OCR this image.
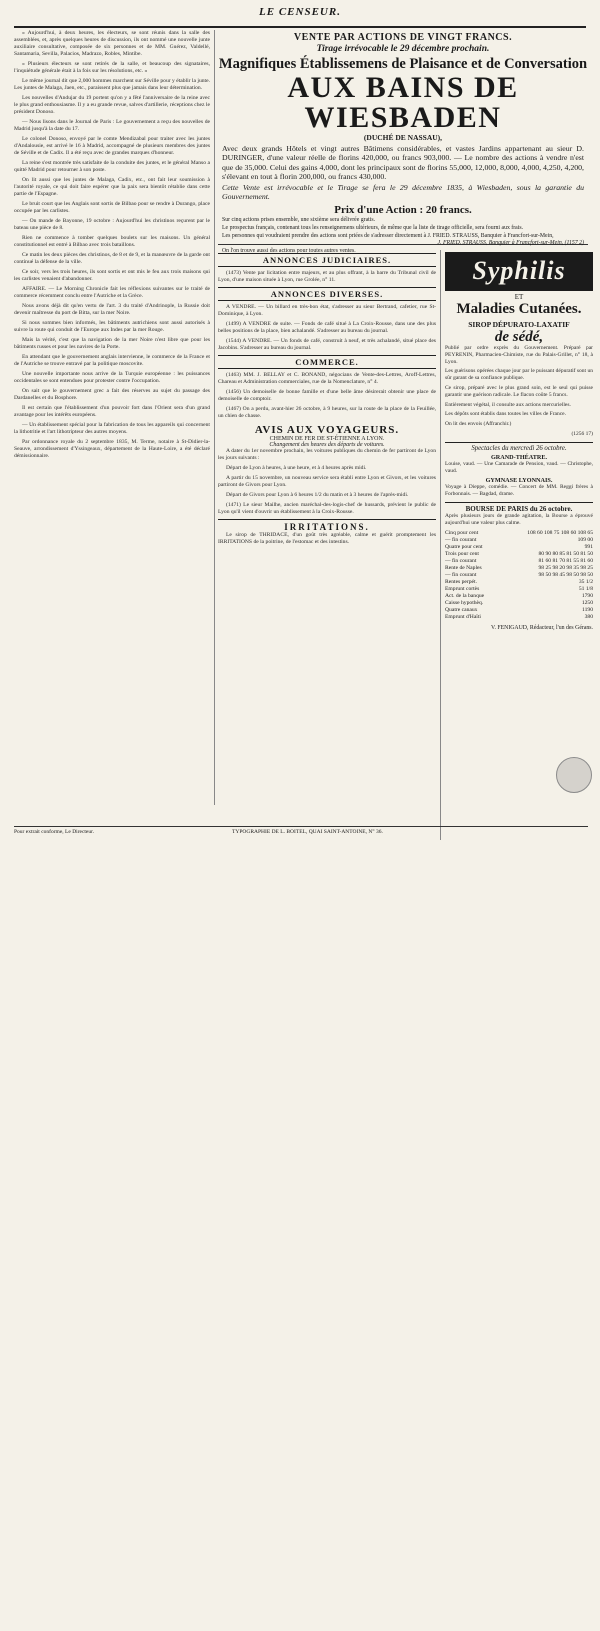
LE CENSEUR.

« Aujourd'hui, à deux heures, les électeurs, se sont réunis dans la salle des assemblées, et, après quelques heures de discussion, ils ont nommé une nouvelle junte auxiliaire consultative, composée de six personnes et de MM. Guérez, Valdellé, Santamaria, Sevilla, Palacios, Madrazo, Robles, Mintibe.

« Plusieurs électeurs se sont retirés de la salle, et beaucoup des signataires, l'inquiétude générale était à la fois sur les résolutions, etc. »

Le même journal dit que 2,000 hommes marchent sur Séville pour y établir la junte. Les juntes de Malaga, Jaen, etc., paraissent plus que jamais dans leur détermination.

Les nouvelles d'Andujar du 19 portent qu'on y a fêté l'anniversaire de la reine avec le plus grand enthousiasme. Il y a eu grande revue, salves d'artillerie, réceptions chez le président Donoso.

— Nous lisons dans le Journal de Paris : Le gouvernement a reçu des nouvelles de Madrid jusqu'à la date du 17.

Le colonel Donoso, envoyé par le comte Mendizabal pour traiter avec les juntes d'Andalousie, est arrivé le 16 à Madrid, accompagné de plusieurs membres des juntes de Séville et de Cadix. Il a été reçu avec de grandes marques d'honneur.

La reine s'est montrée très satisfaite de la conduite des juntes, et le général Manso a quitté Madrid pour retourner à son poste.

On lit aussi que les juntes de Malaga, Cadix, etc., ont fait leur soumission à l'autorité royale, ce qui doit faire espérer que la paix sera bientôt rétablie dans cette partie de l'Espagne.

Le bruit court que les Anglais sont sortis de Bilbao pour se rendre à Durango, place occupée par les carlistes.

— On mande de Bayonne, 19 octobre : Aujourd'hui les christinos reçurent par le bateau une pièce de 8.

Rien ne commence à tomber quelques boulets sur les maisons. Un général constitutionnel est entré à Bilbao avec trois bataillons.

Ce matin les deux pièces des christinos, de 8 et de 9, et la manœuvre de la garde ont continué la défense de la ville.

Ce soir, vers les trois heures, ils sont sortis et ont mis le feu aux trois maisons qui les carlistes venaient d'abandonner.

AFFAIRE. — Le Morning Chronicle fait les réflexions suivantes sur le traité de commerce récemment conclu entre l'Autriche et la Grèce.

Nous avons déjà dit qu'en vertu de l'art. 3 du traité d'Andrinople, la Russie doit devenir maîtresse du port de Bitta, sur la mer Noire.

Si nous sommes bien informés, les bâtiments autrichiens sont aussi autorisés à suivre la route qui conduit de l'Europe aux Indes par la mer Rouge.

Mais la vérité, c'est que la navigation de la mer Noire n'est libre que pour les bâtiments russes et pour les navires de la Porte.

En attendant que le gouvernement anglais intervienne, le commerce de la France et de l'Autriche se trouve entravé par la politique moscovite.

Une nouvelle importante nous arrive de la Turquie européenne : les puissances occidentales se sont entendues pour protester contre l'occupation.

On sait que le gouvernement grec a fait des réserves au sujet du passage des Dardanelles et du Bosphore.

Il est certain que l'établissement d'un pouvoir fort dans l'Orient sera d'un grand avantage pour les intérêts européens.

— Un établissement spécial pour la fabrication de tous les appareils qui concernent la lithotritie et l'art lithotripteur des autres moyens.

Par ordonnance royale du 2 septembre 1835, M. Terme, notaire à St-Didier-la-Seauve, arrondissement d'Yssingeaux, département de la Haute-Loire, a été déclaré démissionnaire.

VENTE PAR ACTIONS DE VINGT FRANCS.
Tirage irrévocable le 29 décembre prochain.
Magnifiques Établissemens de Plaisance et de Conversation
AUX BAINS DE WIESBADEN
(DUCHÉ DE NASSAU),
Avec deux grands Hôtels et vingt autres Bâtimens considérables, et vastes Jardins appartenant au sieur D. DURINGER, d'une valeur réelle de florins 420,000, ou francs 903,000. — Le nombre des actions à vendre n'est que de 35,000. Celui des gains 4,000, dont les principaux sont de florins 55,000, 12,000, 8,000, 4,000, 4,250, 4,200, s'élevant en tout à florin 200,000, ou francs 430,000.
Cette Vente est irrévocable et le Tirage se fera le 29 décembre 1835, à Wiesbaden, sous la garantie du Gouvernement.
Prix d'une Action : 20 francs.
Sur cinq actions prises ensemble, une sixième sera délivrée gratis.
Le prospectus français, contenant tous les renseignemens ultérieurs, de même que la liste de tirage officielle, sera fourni aux frais.
Les personnes qui voudraient prendre des actions sont priées de s'adresser directement à J. FRIED. STRAUSS, Banquier à Francfort-sur-Mein,
J. FRIED. STRAUSS, Banquier à Francfort-sur-Mein, (1157 2)
On l'on trouve aussi des actions pour toutes autres ventes.
ANNONCES JUDICIAIRES.

(1473) Vente par licitation entre majeurs, et au plus offrant, à la barre du Tribunal civil de Lyon, d'une maison située à Lyon, rue Grolée, n° 11.

ANNONCES DIVERSES.

A VENDRE. — Un billard en très-bon état, s'adresser au sieur Bertrand, cafetier, rue St-Dominique, à Lyon.

(1499) A VENDRE de suite. — Fonds de café situé à La Croix-Rousse, dans une des plus belles positions de la place, bien achalandé. S'adresser au bureau du journal.

(1544) A VENDRE. — Un fonds de café, construit à neuf, et très achalandé, situé place des Jacobins. S'adresser au bureau du journal.

COMMERCE.

(1463) MM. J. BELLAY et C. BONAND, négocians de Vente-des-Lettres, Aroff-Lettres, Chareau et Administration commerciales, rue de la Nomenclature, n° 4.

(1456) Un demoiselle de bonne famille et d'une belle âme désirerait obtenir une place de demoiselle de comptoir.

(1467) On a perdu, avant-hier 26 octobre, à 9 heures, sur la route de la place de la Feuillée, un chien de chasse.

AVIS AUX VOYAGEURS.
CHEMIN DE FER DE ST-ÉTIENNE A LYON.
Changement des heures des départs de voitures.

A dater du 1er novembre prochain, les voitures publiques du chemin de fer partiront de Lyon les jours suivants :

Départ de Lyon à heures, à une heure, et à 4 heures après midi.

A partir du 15 novembre, un nouveau service sera établi entre Lyon et Givors, et les voitures partiront de Givors pour Lyon.

Départ de Givors pour Lyon à 6 heures 1/2 du matin et à 3 heures de l'après-midi.

(1471) Le sieur Mailhe, ancien maréchal-des-logis-chef de hussards, prévient le public de Lyon qu'il vient d'ouvrir un établissement à la Croix-Rousse.

IRRITATIONS.

Le sirop de THRIDACE, d'un goût très agréable, calme et guérit promptement les IRRITATIONS de la poitrine, de l'estomac et des intestins.

Syphilis
ET
Maladies Cutanées.
SIROP DÉPURATO-LAXATIF
de sédé,

Publié par ordre exprès du Gouvernement. Préparé par PEYRENIN, Pharmacien-Chimiste, rue du Palais-Grillet, n° 18, à Lyon.

Les guérisons opérées chaque jour par le puissant dépuratif sont un sûr garant de sa confiance publique.

Ce sirop, préparé avec le plus grand soin, est le seul qui puisse garantir une guérison radicale. Le flacon coûte 5 francs.

Entièrement végétal, il consulte aux actions mercurielles.

Les dépôts sont établis dans toutes les villes de France.

On lit des envois (Affranchir.)

(1256 17)

Spectacles du mercredi 26 octobre.
GRAND-THÉATRE.

Louise, vaud. — Une Camarade de Pension, vaud. — Christophe, vaud.

GYMNASE LYONNAIS.

Voyage à Dieppe, comédie. — Concert de MM. Reggi frères à Forbonnais. — Bagdad, drame.

BOURSE DE PARIS du 26 octobre.

Après plusieurs jours de grande agitation, la Bourse a éprouvé aujourd'hui une valeur plus calme.

Cinq pour cent	108 60 108 75 108 60 108 65
— fin courant	109 00
Quatre pour cent	991
Trois pour cent	80 90 80 85 81 50 81 50
— fin courant	81 60 81 70 81 55 81 60
Rente de Naples	98 25 98 20 98 35 98 25
— fin courant	98 50 98 45 98 50 98 50
Rentes perpét.	35 1/2
Emprunt cortès	51 1/8
Act. de la banque	1790
Caisse hypothèq.	1250
Quatre canaux	1190
Emprunt d'Haïti	380
V. FENIGAUD, Rédacteur, l'un des Gérans.
Pour extrait conforme, Le Directeur.	TYPOGRAPHIE DE L. BOITEL, QUAI SAINT-ANTOINE, N° 36.
